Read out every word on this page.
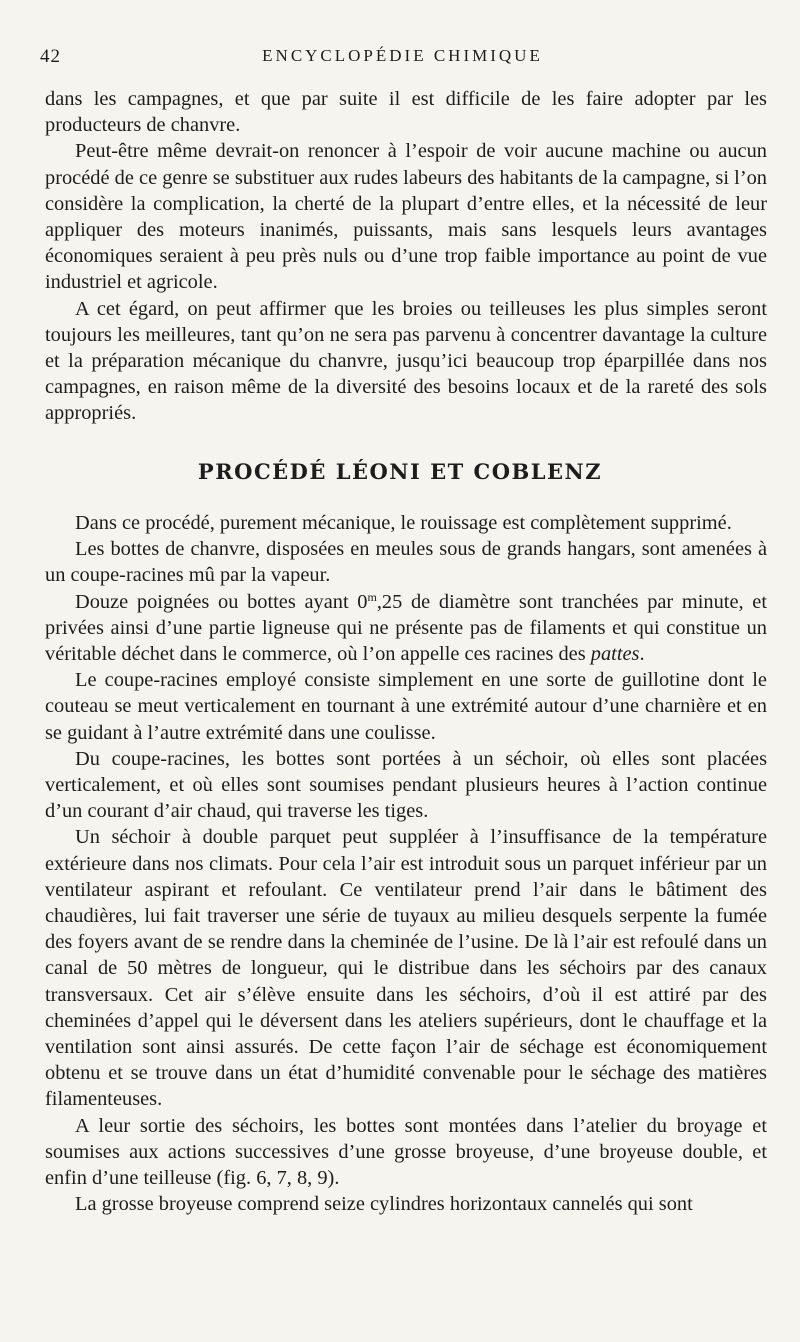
42	ENCYCLOPÉDIE CHIMIQUE

dans les campagnes, et que par suite il est difficile de les faire adopter par les producteurs de chanvre.

Peut-être même devrait-on renoncer à l’espoir de voir aucune machine ou aucun procédé de ce genre se substituer aux rudes labeurs des habitants de la campagne, si l’on considère la complication, la cherté de la plupart d’entre elles, et la nécessité de leur appliquer des moteurs inanimés, puissants, mais sans lesquels leurs avantages économiques seraient à peu près nuls ou d’une trop faible importance au point de vue industriel et agricole.

A cet égard, on peut affirmer que les broies ou teilleuses les plus simples seront toujours les meilleures, tant qu’on ne sera pas parvenu à concentrer davantage la culture et la préparation mécanique du chanvre, jusqu’ici beaucoup trop éparpillée dans nos campagnes, en raison même de la diversité des besoins locaux et de la rareté des sols appropriés.

PROCÉDÉ LÉONI ET COBLENZ

Dans ce procédé, purement mécanique, le rouissage est complètement supprimé.

Les bottes de chanvre, disposées en meules sous de grands hangars, sont amenées à un coupe-racines mû par la vapeur.

Douze poignées ou bottes ayant 0$^m$,25 de diamètre sont tranchées par minute, et privées ainsi d’une partie ligneuse qui ne présente pas de filaments et qui constitue un véritable déchet dans le commerce, où l’on appelle ces racines des pattes.

Le coupe-racines employé consiste simplement en une sorte de guillotine dont le couteau se meut verticalement en tournant à une extrémité autour d’une charnière et en se guidant à l’autre extrémité dans une coulisse.

Du coupe-racines, les bottes sont portées à un séchoir, où elles sont placées verticalement, et où elles sont soumises pendant plusieurs heures à l’action continue d’un courant d’air chaud, qui traverse les tiges.

Un séchoir à double parquet peut suppléer à l’insuffisance de la température extérieure dans nos climats. Pour cela l’air est introduit sous un parquet inférieur par un ventilateur aspirant et refoulant. Ce ventilateur prend l’air dans le bâtiment des chaudières, lui fait traverser une série de tuyaux au milieu desquels serpente la fumée des foyers avant de se rendre dans la cheminée de l’usine. De là l’air est refoulé dans un canal de 50 mètres de longueur, qui le distribue dans les séchoirs par des canaux transversaux. Cet air s’élève ensuite dans les séchoirs, d’où il est attiré par des cheminées d’appel qui le déversent dans les ateliers supérieurs, dont le chauffage et la ventilation sont ainsi assurés. De cette façon l’air de séchage est économiquement obtenu et se trouve dans un état d’humidité convenable pour le séchage des matières filamenteuses.

A leur sortie des séchoirs, les bottes sont montées dans l’atelier du broyage et soumises aux actions successives d’une grosse broyeuse, d’une broyeuse double, et enfin d’une teilleuse (fig. 6, 7, 8, 9).

La grosse broyeuse comprend seize cylindres horizontaux cannelés qui sont
